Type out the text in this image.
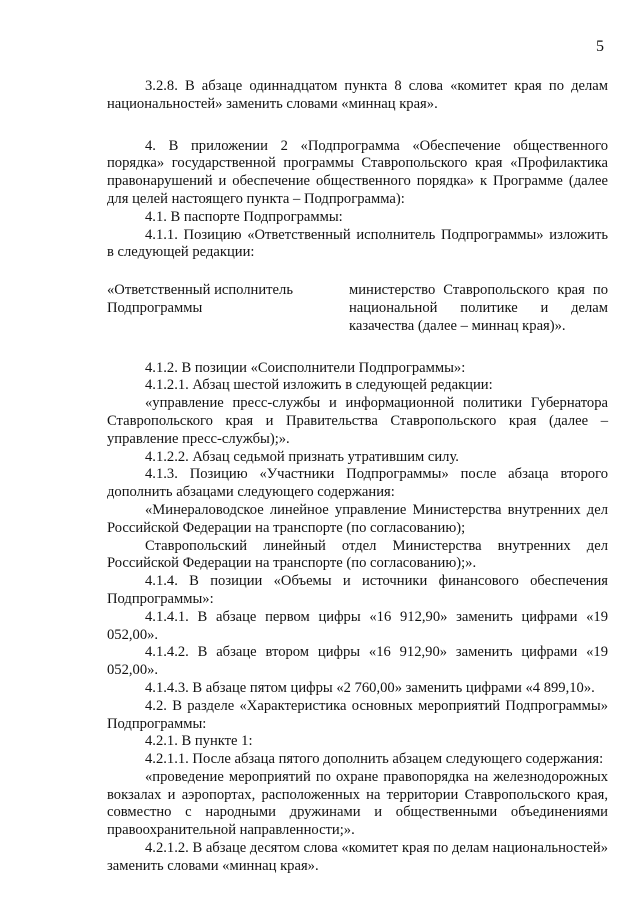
5

3.2.8. В абзаце одиннадцатом пункта 8 слова «комитет края по делам национальностей» заменить словами «миннац края».

4. В приложении 2 «Подпрограмма «Обеспечение общественного порядка» государственной программы Ставропольского края «Профилактика правонарушений и обеспечение общественного порядка» к Программе (далее для целей настоящего пункта – Подпрограмма):

4.1. В паспорте Подпрограммы:

4.1.1. Позицию «Ответственный исполнитель Подпрограммы» изложить в следующей редакции:

«Ответственный исполнитель Подпрограммы
министерство Ставропольского края по национальной политике и делам казачества (далее – миннац края)».

4.1.2. В позиции «Соисполнители Подпрограммы»:

4.1.2.1. Абзац шестой изложить в следующей редакции:

«управление пресс-службы и информационной политики Губернатора Ставропольского края и Правительства Ставропольского края (далее – управление пресс-службы);».

4.1.2.2. Абзац седьмой признать утратившим силу.

4.1.3. Позицию «Участники Подпрограммы» после абзаца второго дополнить абзацами следующего содержания:

«Минераловодское линейное управление Министерства внутренних дел Российской Федерации на транспорте (по согласованию);

Ставропольский линейный отдел Министерства внутренних дел Российской Федерации на транспорте (по согласованию);».

4.1.4. В позиции «Объемы и источники финансового обеспечения Подпрограммы»:

4.1.4.1. В абзаце первом цифры «16 912,90» заменить цифрами «19 052,00».

4.1.4.2. В абзаце втором цифры «16 912,90» заменить цифрами «19 052,00».

4.1.4.3. В абзаце пятом цифры «2 760,00» заменить цифрами «4 899,10».

4.2. В разделе «Характеристика основных мероприятий Подпрограммы» Подпрограммы:

4.2.1. В пункте 1:

4.2.1.1. После абзаца пятого дополнить абзацем следующего содержания:

«проведение мероприятий по охране правопорядка на железнодорожных вокзалах и аэропортах, расположенных на территории Ставропольского края, совместно с народными дружинами и общественными объединениями правоохранительной направленности;».

4.2.1.2. В абзаце десятом слова «комитет края по делам национальностей» заменить словами «миннац края».
